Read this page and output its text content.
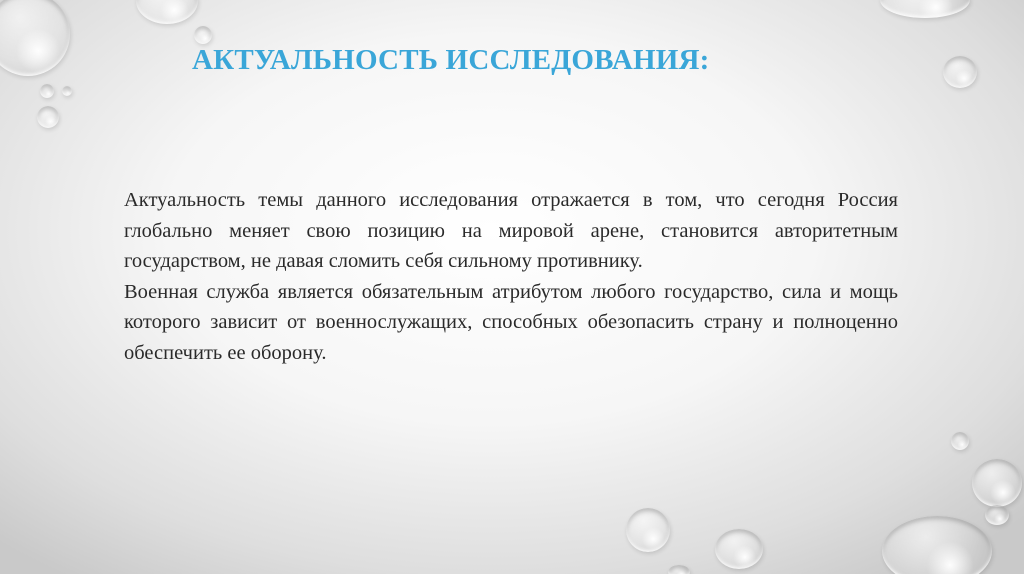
АКТУАЛЬНОСТЬ ИССЛЕДОВАНИЯ:

Актуальность темы данного исследования отражается в том, что сегодня Россия глобально меняет свою позицию на мировой арене, становится авторитетным государством, не давая сломить себя сильному противнику.

Военная служба является обязательным атрибутом любого государство, сила и мощь которого зависит от военнослужащих, способных обезопасить страну и полноценно обеспечить ее оборону.
